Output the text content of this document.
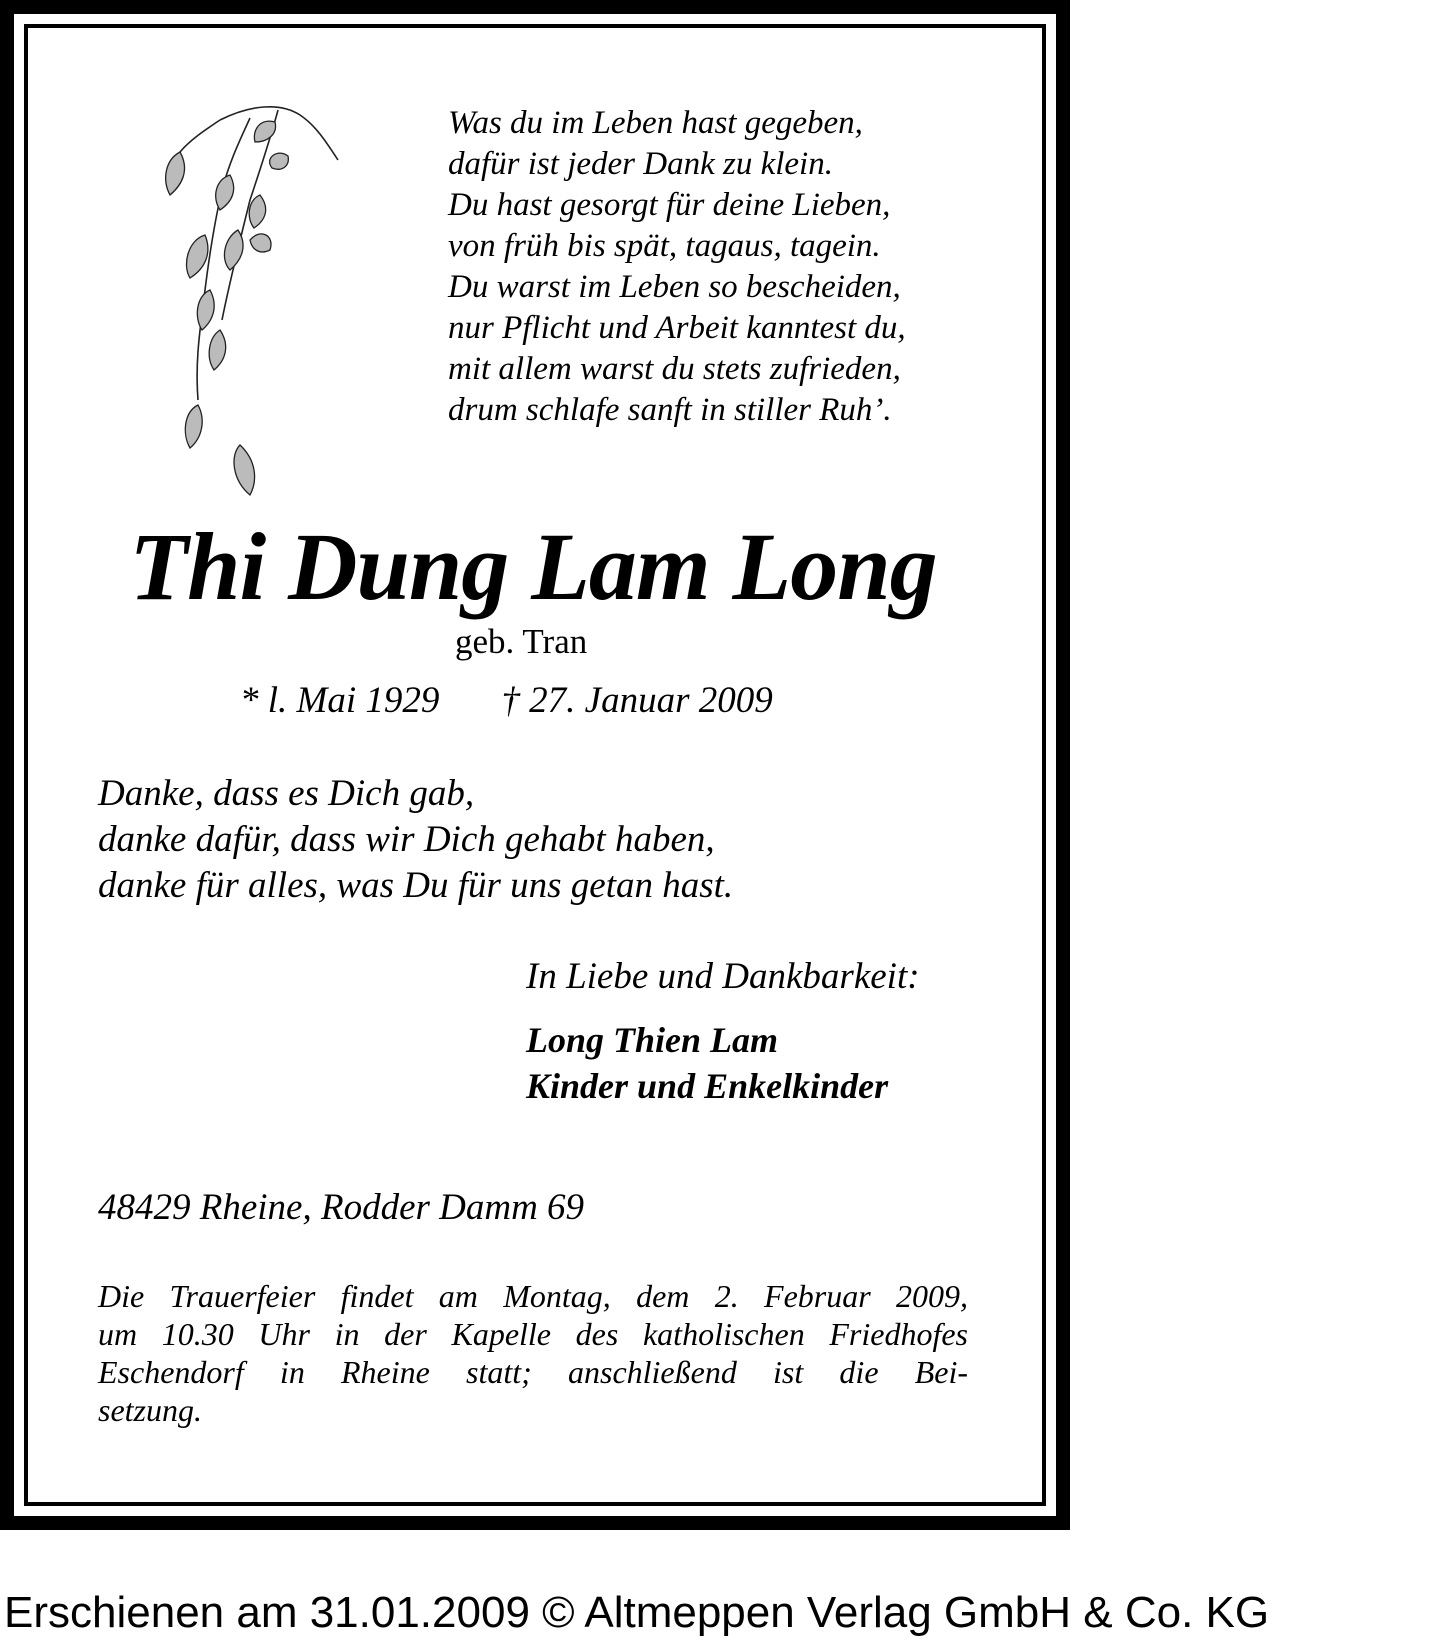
Was du im Leben hast gegeben,
dafür ist jeder Dank zu klein.
Du hast gesorgt für deine Lieben,
von früh bis spät, tagaus, tagein.
Du warst im Leben so bescheiden,
nur Pflicht und Arbeit kanntest du,
mit allem warst du stets zufrieden,
drum schlafe sanft in stiller Ruh’.
Thi Dung Lam Long
geb. Tran
* l. Mai 1929 † 27. Januar 2009
Danke, dass es Dich gab,
danke dafür, dass wir Dich gehabt haben,
danke für alles, was Du für uns getan hast.
In Liebe und Dankbarkeit:
Long Thien Lam
Kinder und Enkelkinder
48429 Rheine, Rodder Damm 69
Die Trauerfeier findet am Montag, dem 2. Februar 2009,
um 10.30 Uhr in der Kapelle des katholischen Friedhofes
Eschendorf in Rheine statt; anschließend ist die Bei-
setzung.
Erschienen am 31.01.2009 © Altmeppen Verlag GmbH & Co. KG
